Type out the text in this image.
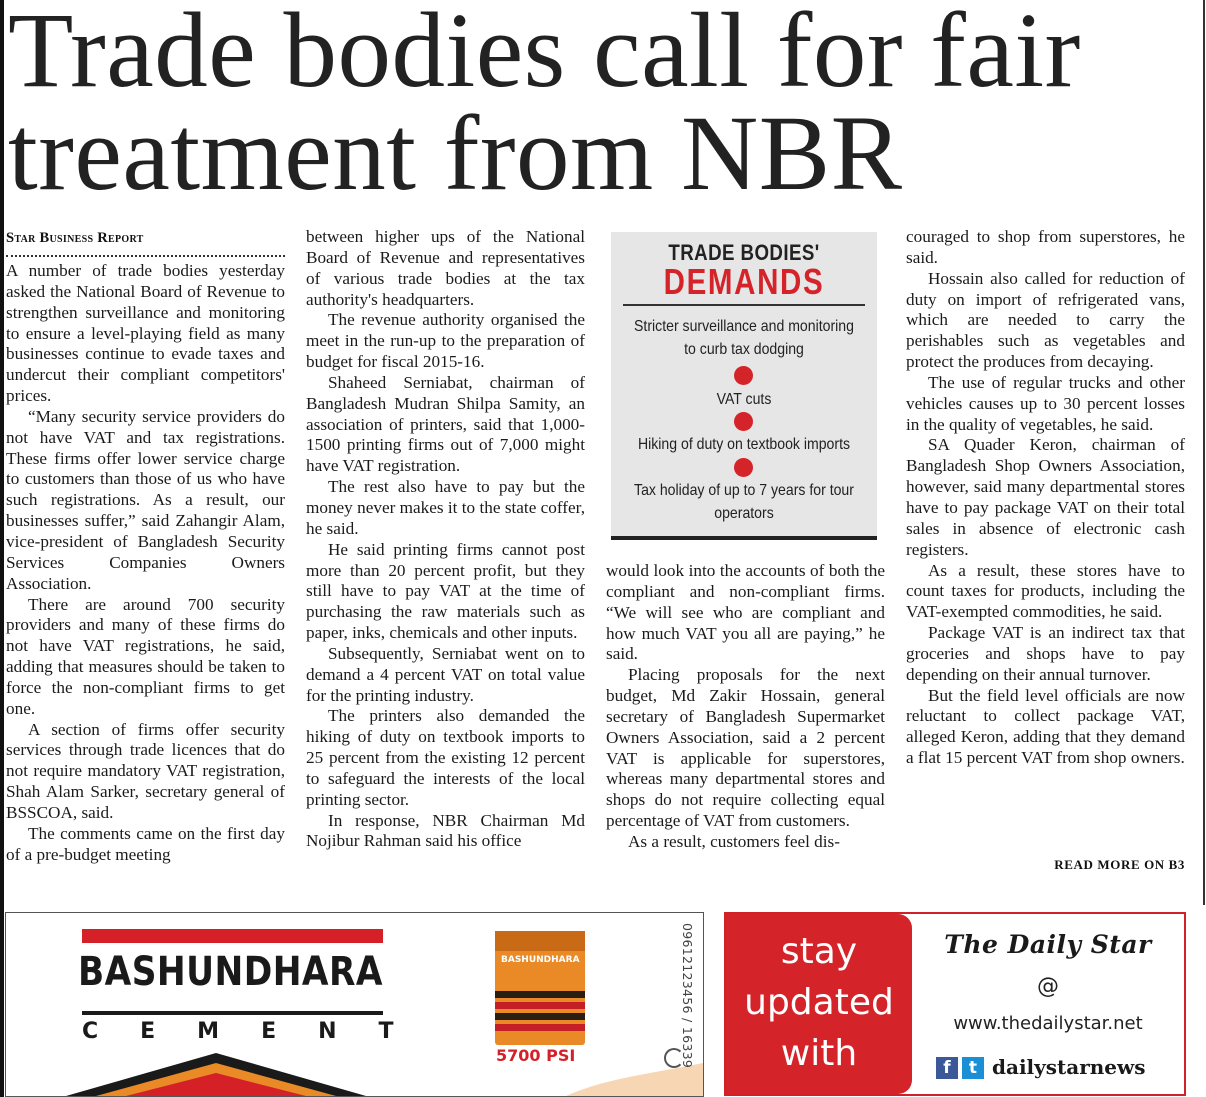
Trade bodies call for fair treatment from NBR
Star Business Report

A number of trade bodies yesterday asked the National Board of Revenue to strengthen surveillance and monitoring to ensure a level-playing field as many businesses continue to evade taxes and undercut their compliant competitors' prices.

“Many security service providers do not have VAT and tax registrations. These firms offer lower service charge to customers than those of us who have such registrations. As a result, our businesses suffer,” said Zahangir Alam, vice-president of Bangladesh Security Services Companies Owners Association.

There are around 700 security providers and many of these firms do not have VAT registrations, he said, adding that measures should be taken to force the non-compliant firms to get one.

A section of firms offer security services through trade licences that do not require mandatory VAT registration, Shah Alam Sarker, secretary general of BSSCOA, said.

The comments came on the first day of a pre-budget meeting

between higher ups of the National Board of Revenue and representatives of various trade bodies at the tax authority's headquarters.

The revenue authority organised the meet in the run-up to the preparation of budget for fiscal 2015-16.

Shaheed Serniabat, chairman of Bangladesh Mudran Shilpa Samity, an association of printers, said that 1,000-1500 printing firms out of 7,000 might have VAT registration.

The rest also have to pay but the money never makes it to the state coffer, he said.

He said printing firms cannot post more than 20 percent profit, but they still have to pay VAT at the time of purchasing the raw materials such as paper, inks, chemicals and other inputs.

Subsequently, Serniabat went on to demand a 4 percent VAT on total value for the printing industry.

The printers also demanded the hiking of duty on textbook imports to 25 percent from the existing 12 percent to safeguard the interests of the local printing sector.

In response, NBR Chairman Md Nojibur Rahman said his office

TRADE BODIES'
DEMANDS
Stricter surveillance and monitoring to curb tax dodging
VAT cuts
Hiking of duty on textbook imports
Tax holiday of up to 7 years for tour operators

would look into the accounts of both the compliant and non-compliant firms. “We will see who are compliant and how much VAT you all are paying,” he said.

Placing proposals for the next budget, Md Zakir Hossain, general secretary of Bangladesh Supermarket Owners Association, said a 2 percent VAT is applicable for superstores, whereas many departmental stores and shops do not require collecting equal percentage of VAT from customers.

As a result, customers feel dis-

couraged to shop from superstores, he said.

Hossain also called for reduction of duty on import of refrigerated vans, which are needed to carry the perishables such as vegetables and protect the produces from decaying.

The use of regular trucks and other vehicles causes up to 30 percent losses in the quality of vegetables, he said.

SA Quader Keron, chairman of Bangladesh Shop Owners Association, however, said many departmental stores have to pay package VAT on their total sales in absence of electronic cash registers.

As a result, these stores have to count taxes for products, including the VAT-exempted commodities, he said.

Package VAT is an indirect tax that groceries and shops have to pay depending on their annual turnover.

But the field level officials are now reluctant to collect package VAT, alleged Keron, adding that they demand a flat 15 percent VAT from shop owners.

READ MORE ON B3
BASHUNDHARA
CEMENT
BASHUNDHARA
5700 PSI	09612123456 / 16339	stay
updated
with
The Daily Star
@
www.thedailystar.net
f	t dailystarnews
